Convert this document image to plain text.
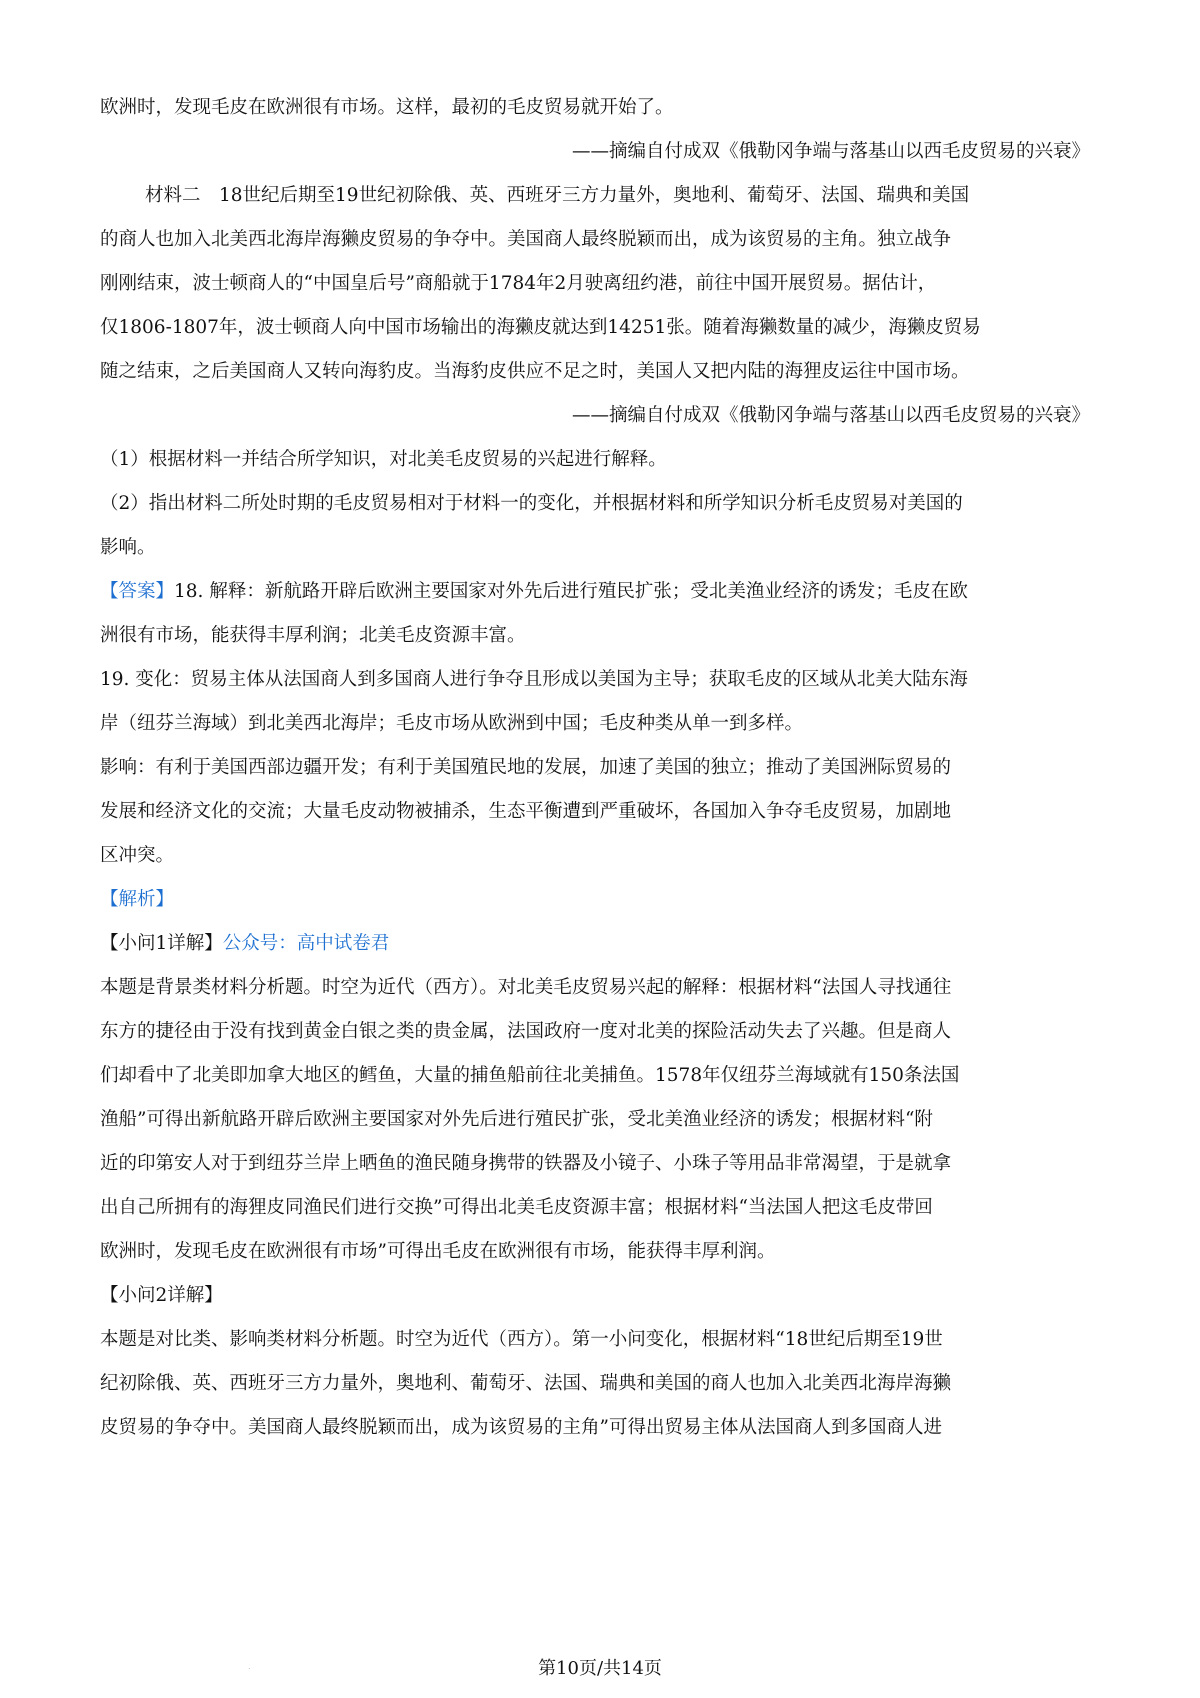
欧洲时，发现毛皮在欧洲很有市场。这样，最初的毛皮贸易就开始了。
——摘编自付成双《俄勒冈争端与落基山以西毛皮贸易的兴衰》
材料二　18世纪后期至19世纪初除俄、英、西班牙三方力量外，奥地利、葡萄牙、法国、瑞典和美国
的商人也加入北美西北海岸海獭皮贸易的争夺中。美国商人最终脱颖而出，成为该贸易的主角。独立战争
刚刚结束，波士顿商人的“中国皇后号”商船就于1784年2月驶离纽约港，前往中国开展贸易。据估计，
仅1806-1807年，波士顿商人向中国市场输出的海獭皮就达到14251张。随着海獭数量的减少，海獭皮贸易
随之结束，之后美国商人又转向海豹皮。当海豹皮供应不足之时，美国人又把内陆的海狸皮运往中国市场。
——摘编自付成双《俄勒冈争端与落基山以西毛皮贸易的兴衰》
（1）根据材料一并结合所学知识，对北美毛皮贸易的兴起进行解释。
（2）指出材料二所处时期的毛皮贸易相对于材料一的变化，并根据材料和所学知识分析毛皮贸易对美国的
影响。
【答案】18. 解释：新航路开辟后欧洲主要国家对外先后进行殖民扩张；受北美渔业经济的诱发；毛皮在欧
洲很有市场，能获得丰厚利润；北美毛皮资源丰富。
19. 变化：贸易主体从法国商人到多国商人进行争夺且形成以美国为主导；获取毛皮的区域从北美大陆东海
岸（纽芬兰海域）到北美西北海岸；毛皮市场从欧洲到中国；毛皮种类从单一到多样。
影响：有利于美国西部边疆开发；有利于美国殖民地的发展，加速了美国的独立；推动了美国洲际贸易的
发展和经济文化的交流；大量毛皮动物被捕杀，生态平衡遭到严重破坏，各国加入争夺毛皮贸易，加剧地
区冲突。
【解析】
【小问1详解】公众号：高中试卷君
本题是背景类材料分析题。时空为近代（西方）。对北美毛皮贸易兴起的解释：根据材料“法国人寻找通往
东方的捷径由于没有找到黄金白银之类的贵金属，法国政府一度对北美的探险活动失去了兴趣。但是商人
们却看中了北美即加拿大地区的鳕鱼，大量的捕鱼船前往北美捕鱼。1578年仅纽芬兰海域就有150条法国
渔船”可得出新航路开辟后欧洲主要国家对外先后进行殖民扩张，受北美渔业经济的诱发；根据材料“附
近的印第安人对于到纽芬兰岸上晒鱼的渔民随身携带的铁器及小镜子、小珠子等用品非常渴望，于是就拿
出自己所拥有的海狸皮同渔民们进行交换”可得出北美毛皮资源丰富；根据材料“当法国人把这毛皮带回
欧洲时，发现毛皮在欧洲很有市场”可得出毛皮在欧洲很有市场，能获得丰厚利润。
【小问2详解】
本题是对比类、影响类材料分析题。时空为近代（西方）。第一小问变化，根据材料“18世纪后期至19世
纪初除俄、英、西班牙三方力量外，奥地利、葡萄牙、法国、瑞典和美国的商人也加入北美西北海岸海獭
皮贸易的争夺中。美国商人最终脱颖而出，成为该贸易的主角”可得出贸易主体从法国商人到多国商人进
.	第10页/共14页
